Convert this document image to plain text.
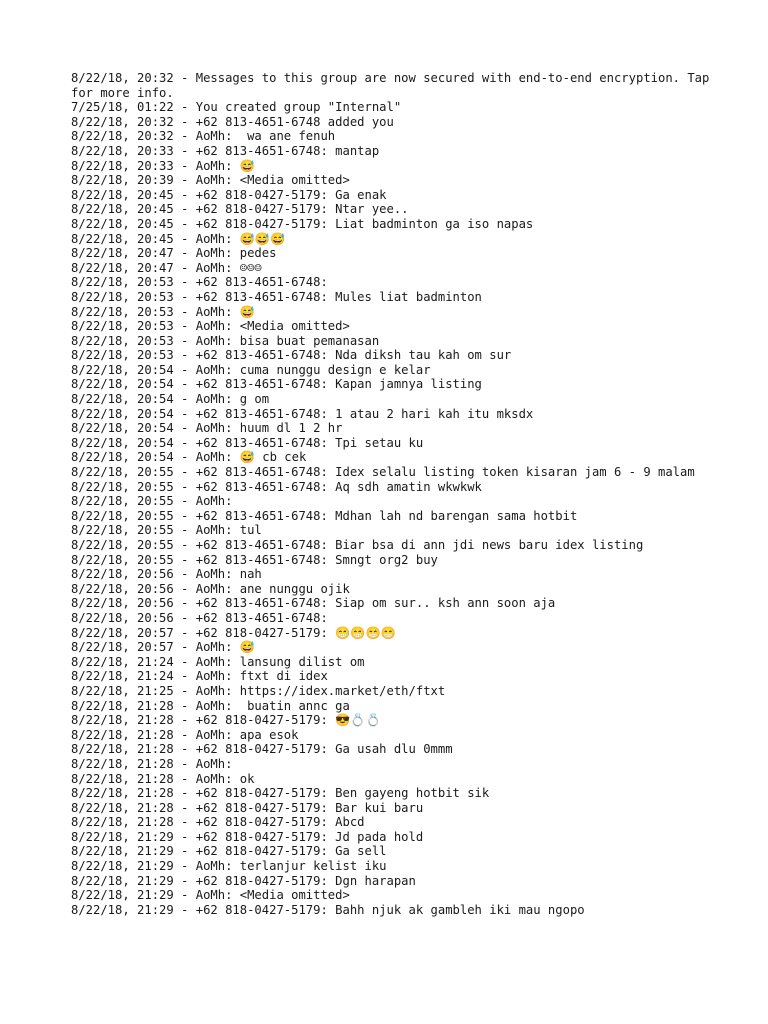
8/22/18, 20:32 - Messages to this group are now secured with end-to-end encryption. Tap for more info.
7/25/18, 01:22 - You created group "Internal"
8/22/18, 20:32 - +62 813-4651-6748 added you
8/22/18, 20:32 - AoMh:  wa ane fenuh
8/22/18, 20:33 - +62 813-4651-6748: mantap
8/22/18, 20:33 - AoMh: 😅
8/22/18, 20:39 - AoMh: <Media omitted>
8/22/18, 20:45 - +62 818-0427-5179: Ga enak
8/22/18, 20:45 - +62 818-0427-5179: Ntar yee..
8/22/18, 20:45 - +62 818-0427-5179: Liat badminton ga iso napas
8/22/18, 20:45 - AoMh: 😅😅😅
8/22/18, 20:47 - AoMh: pedes
8/22/18, 20:47 - AoMh: ☺☺☺
8/22/18, 20:53 - +62 813-4651-6748:
8/22/18, 20:53 - +62 813-4651-6748: Mules liat badminton
8/22/18, 20:53 - AoMh: 😅
8/22/18, 20:53 - AoMh: <Media omitted>
8/22/18, 20:53 - AoMh: bisa buat pemanasan
8/22/18, 20:53 - +62 813-4651-6748: Nda diksh tau kah om sur
8/22/18, 20:54 - AoMh: cuma nunggu design e kelar
8/22/18, 20:54 - +62 813-4651-6748: Kapan jamnya listing
8/22/18, 20:54 - AoMh: g om
8/22/18, 20:54 - +62 813-4651-6748: 1 atau 2 hari kah itu mksdx
8/22/18, 20:54 - AoMh: huum dl 1 2 hr
8/22/18, 20:54 - +62 813-4651-6748: Tpi setau ku
8/22/18, 20:54 - AoMh: 😅 cb cek
8/22/18, 20:55 - +62 813-4651-6748: Idex selalu listing token kisaran jam 6 - 9 malam
8/22/18, 20:55 - +62 813-4651-6748: Aq sdh amatin wkwkwk
8/22/18, 20:55 - AoMh:
8/22/18, 20:55 - +62 813-4651-6748: Mdhan lah nd barengan sama hotbit
8/22/18, 20:55 - AoMh: tul
8/22/18, 20:55 - +62 813-4651-6748: Biar bsa di ann jdi news baru idex listing
8/22/18, 20:55 - +62 813-4651-6748: Smngt org2 buy
8/22/18, 20:56 - AoMh: nah
8/22/18, 20:56 - AoMh: ane nunggu ojik
8/22/18, 20:56 - +62 813-4651-6748: Siap om sur.. ksh ann soon aja
8/22/18, 20:56 - +62 813-4651-6748:
8/22/18, 20:57 - +62 818-0427-5179: 😁😁😁😁
8/22/18, 20:57 - AoMh: 😅
8/22/18, 21:24 - AoMh: lansung dilist om
8/22/18, 21:24 - AoMh: ftxt di idex
8/22/18, 21:25 - AoMh: https://idex.market/eth/ftxt
8/22/18, 21:28 - AoMh:  buatin annc ga
8/22/18, 21:28 - +62 818-0427-5179: 😎💍💍
8/22/18, 21:28 - AoMh: apa esok
8/22/18, 21:28 - +62 818-0427-5179: Ga usah dlu 0mmm
8/22/18, 21:28 - AoMh:
8/22/18, 21:28 - AoMh: ok
8/22/18, 21:28 - +62 818-0427-5179: Ben gayeng hotbit sik
8/22/18, 21:28 - +62 818-0427-5179: Bar kui baru
8/22/18, 21:28 - +62 818-0427-5179: Abcd
8/22/18, 21:29 - +62 818-0427-5179: Jd pada hold
8/22/18, 21:29 - +62 818-0427-5179: Ga sell
8/22/18, 21:29 - AoMh: terlanjur kelist iku
8/22/18, 21:29 - +62 818-0427-5179: Dgn harapan
8/22/18, 21:29 - AoMh: <Media omitted>
8/22/18, 21:29 - +62 818-0427-5179: Bahh njuk ak gambleh iki mau ngopo
